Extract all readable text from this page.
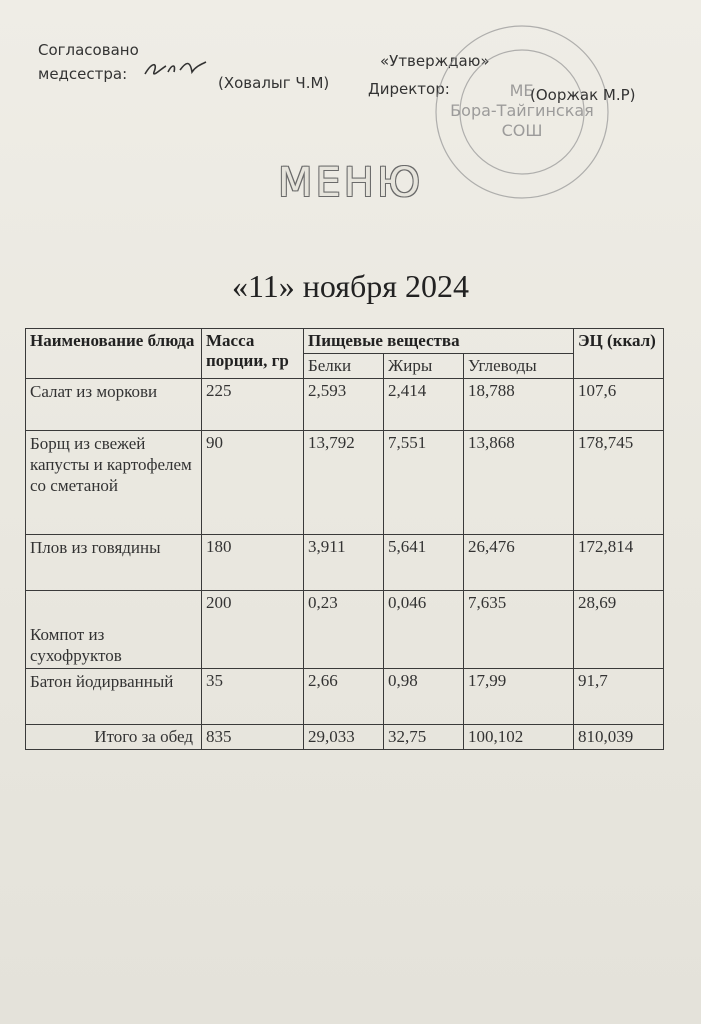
Согласовано
медсестра:	(Ховалыг Ч.М)
«Утверждаю»
Директор:	МБ
Бора-Тайгинская
СОШ
(Ооржак М.Р)
МЕНЮ
«11» ноября 2024
Наименование блюда	Масса порции, гр	Пищевые вещества			ЭЦ (ккал)
		Белки	Жиры	Углеводы	
Салат из моркови	225	2,593	2,414	18,788	107,6
Борщ из свежей капусты и картофелем со сметаной	90	13,792	7,551	13,868	178,745
Плов из говядины	180	3,911	5,641	26,476	172,814
Компот из сухофруктов	200	0,23	0,046	7,635	28,69
Батон йодирванный	35	2,66	0,98	17,99	91,7
Итого за обед	835	29,033	32,75	100,102	810,039
